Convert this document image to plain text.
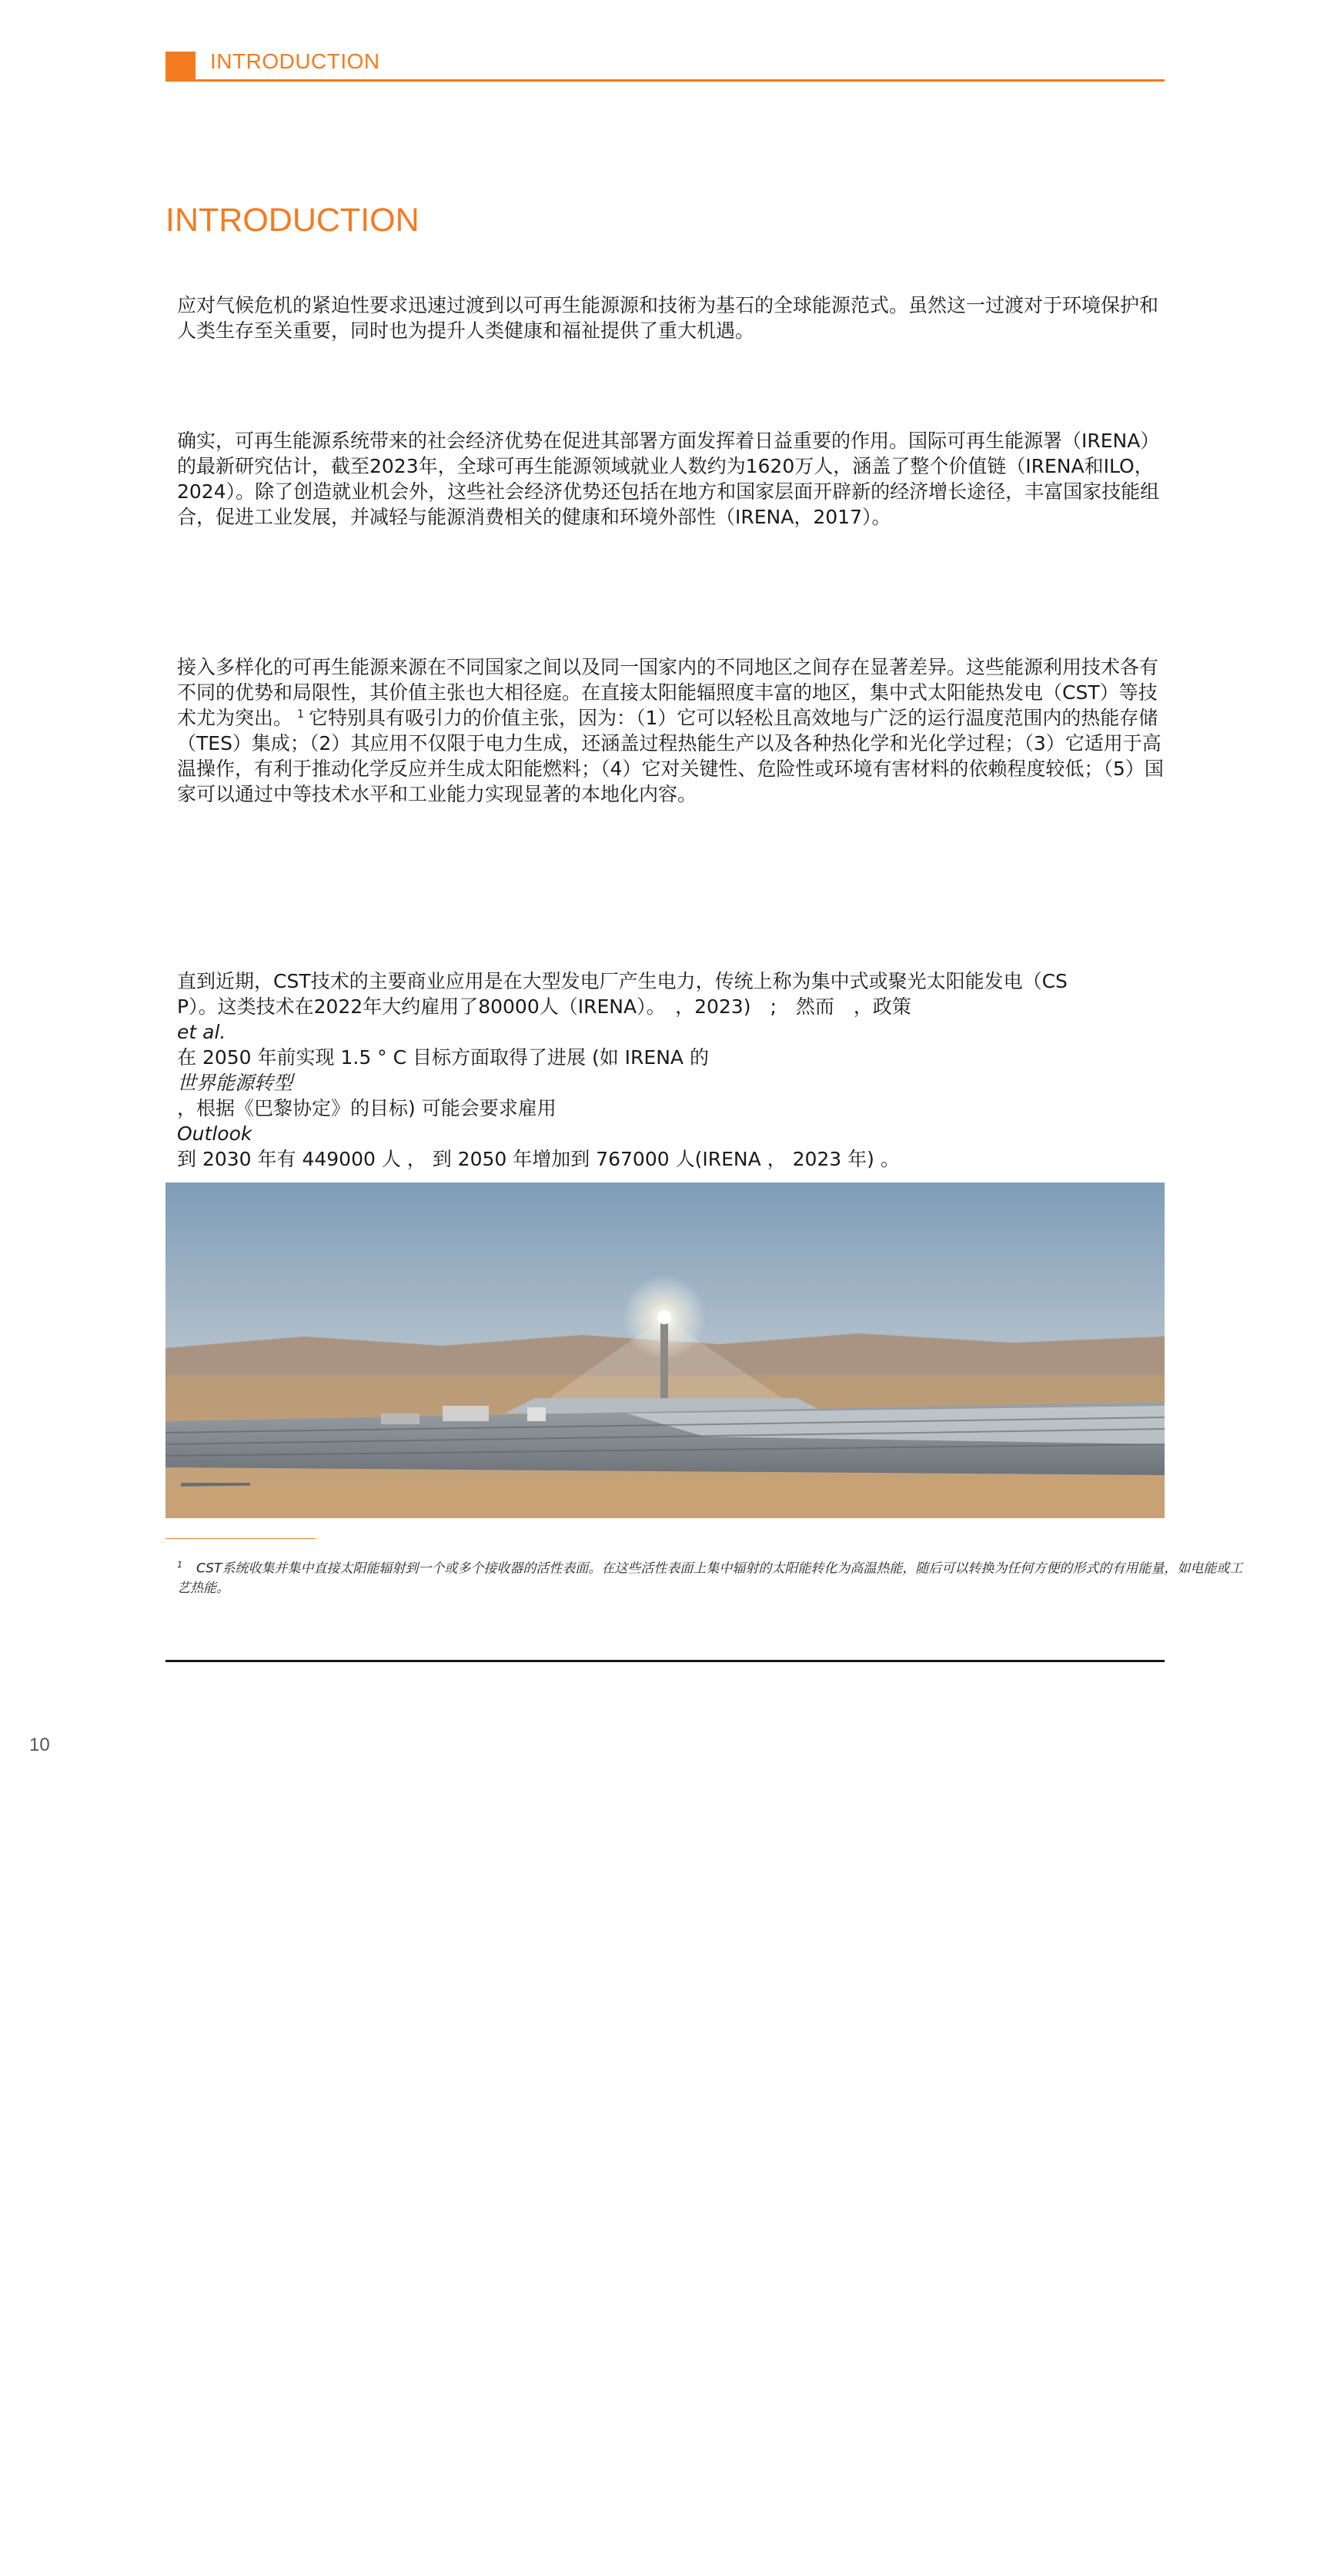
INTRODUCTION
INTRODUCTION

应对气候危机的紧迫性要求迅速过渡到以可再生能源源和技術为基石的全球能源范式。虽然这一过渡对于环境保护和人类生存至关重要，同时也为提升人类健康和福祉提供了重大机遇。

确实，可再生能源系统带来的社会经济优势在促进其部署方面发挥着日益重要的作用。国际可再生能源署（IRENA）的最新研究估计，截至2023年，全球可再生能源领域就业人数约为1620万人，涵盖了整个价值链（IRENA和ILO，2024）。除了创造就业机会外，这些社会经济优势还包括在地方和国家层面开辟新的经济增长途径，丰富国家技能组合，促进工业发展，并减轻与能源消费相关的健康和环境外部性（IRENA，2017）。

接入多样化的可再生能源来源在不同国家之间以及同一国家内的不同地区之间存在显著差异。这些能源利用技术各有不同的优势和局限性，其价值主张也大相径庭。在直接太阳能辐照度丰富的地区，集中式太阳能热发电（CST）等技术尤为突出。 $^1$ 它特别具有吸引力的价值主张，因为：（1）它可以轻松且高效地与广泛的运行温度范围内的热能存储（TES）集成；（2）其应用不仅限于电力生成，还涵盖过程热能生产以及各种热化学和光化学过程；（3）它适用于高温操作，有利于推动化学反应并生成太阳能燃料；（4）它对关键性、危险性或环境有害材料的依赖程度较低；（5）国家可以通过中等技术水平和工业能力实现显著的本地化内容。

直到近期，CST技术的主要商业应用是在大型发电厂产生电力，传统上称为集中式或聚光太阳能发电（CS
P）。这类技术在2022年大约雇用了80000人（IRENA）。　，2023)　;　然而　，政策
et al.
在 2050 年前实现 1.5 ° C 目标方面取得了进展 (如 IRENA 的
世界能源转型
，根据《巴黎协定》的目标) 可能会要求雇用
Outlook
到 2030 年有 449000 人 ， 到 2050 年增加到 767000 人(IRENA ， 2023 年) 。
© Barbarajo / Shutterstock.com

$^1$ CST系统收集并集中直接太阳能辐射到一个或多个接收器的活性表面。在这些活性表面上集中辐射的太阳能转化为高温热能，随后可以转换为任何方便的形式的有用能量，如电能或工艺热能。

10
